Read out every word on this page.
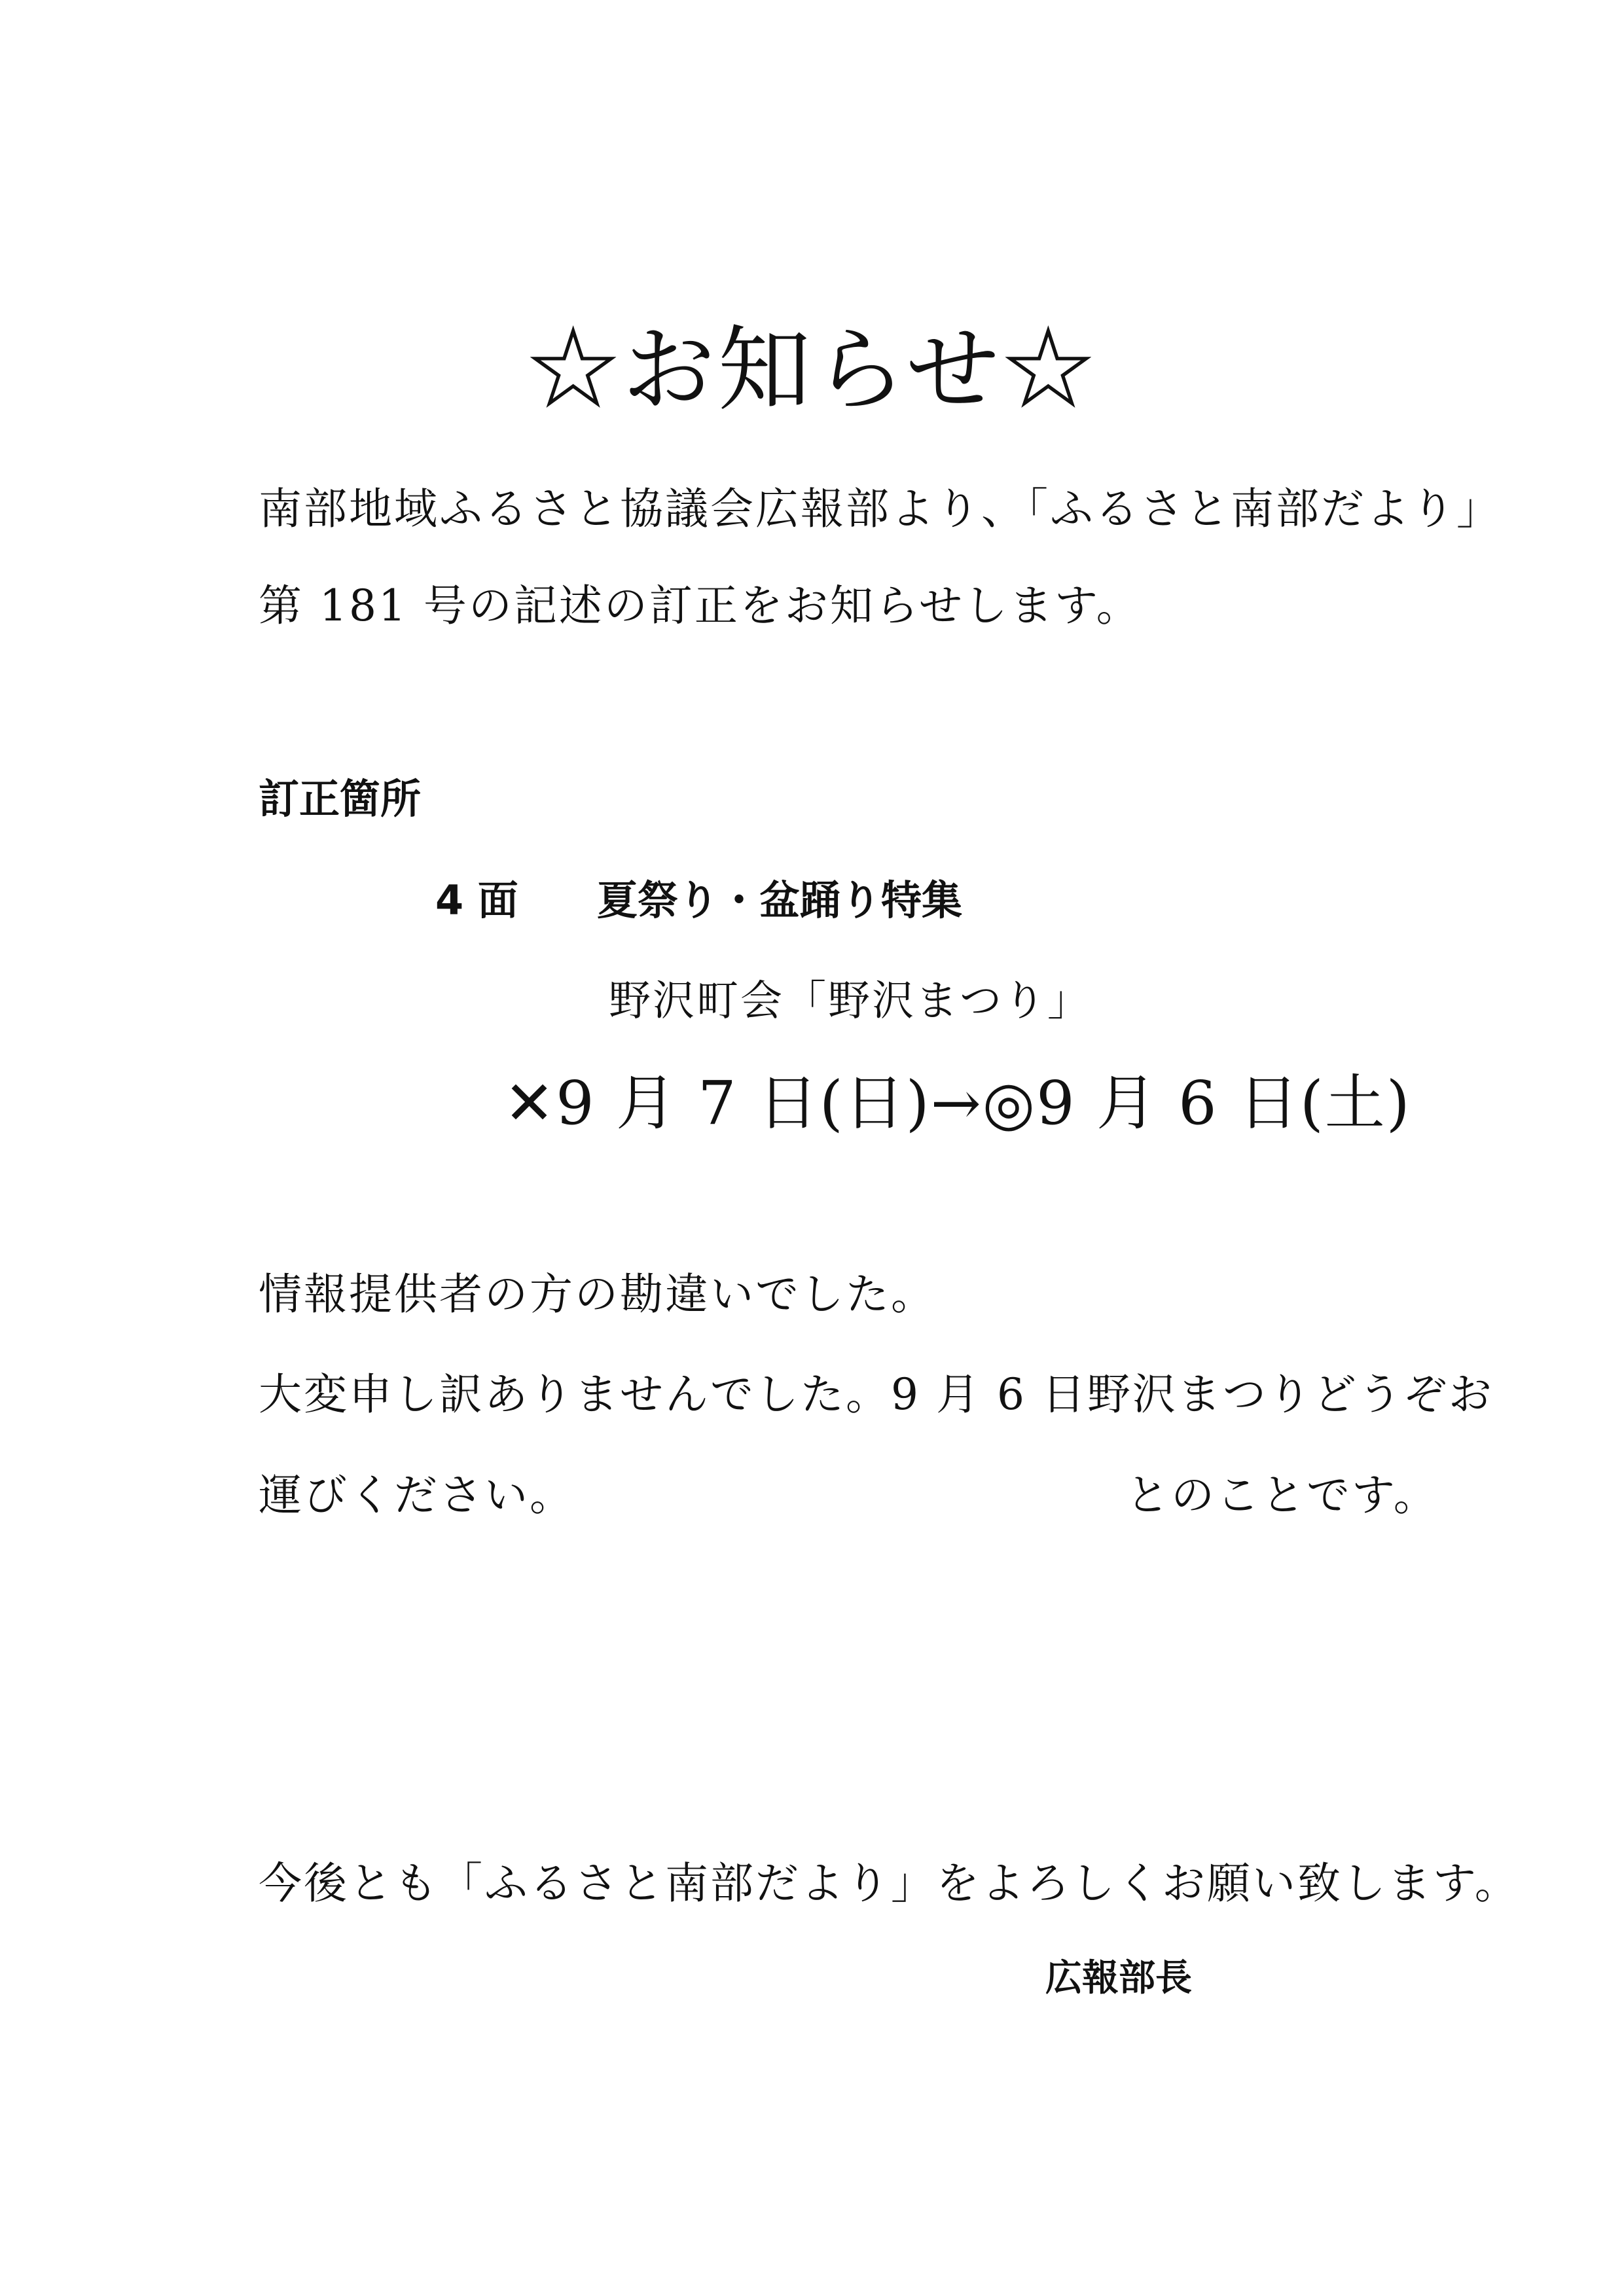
☆お知らせ☆
南部地域ふるさと協議会広報部より、「ふるさと南部だより」
第 181 号の記述の訂正をお知らせします。
訂正箇所
4 面 夏祭り・盆踊り特集
野沢町会「野沢まつり」
✕9 月 7 日(日)→◎9 月 6 日(土)
情報提供者の方の勘違いでした。
大変申し訳ありませんでした。9 月 6 日野沢まつりどうぞお
運びください。	とのことです。
今後とも「ふるさと南部だより」をよろしくお願い致します。
広報部長
